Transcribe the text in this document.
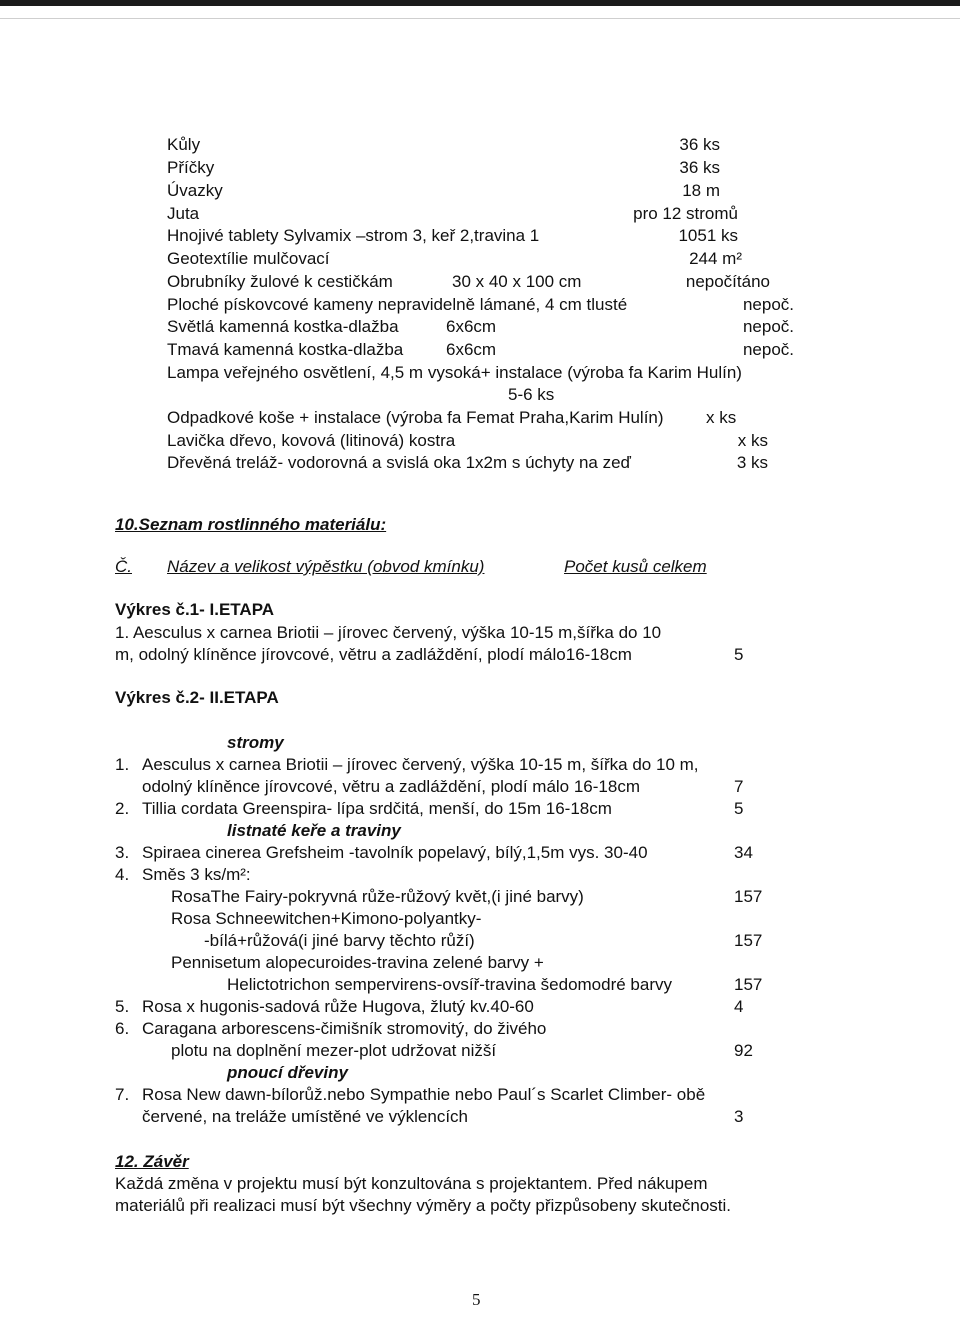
Kůly	36 ks
Příčky	36 ks
Úvazky	18 m
Juta	pro 12 stromů
Hnojivé tablety Sylvamix –strom 3, keř 2,travina 1	1051 ks
Geotextílie mulčovací	244 m²
Obrubníky žulové k cestičkám	30 x 40 x 100 cm	nepočítáno
Ploché pískovcové kameny nepravidelně lámané, 4 cm tlusté	nepoč.
Světlá kamenná kostka-dlažba	6x6cm	nepoč.
Tmavá kamenná kostka-dlažba	6x6cm	nepoč.
Lampa veřejného osvětlení, 4,5 m vysoká+ instalace (výroba fa Karim Hulín)
5-6 ks
Odpadkové koše + instalace (výroba fa Femat Praha,Karim Hulín) x ks
Lavička dřevo, kovová (litinová) kostra	x ks
Dřevěná treláž- vodorovná a svislá oka 1x2m s úchyty na zeď	3 ks
10.Seznam rostlinného materiálu:
Č.	Název a velikost výpěstku (obvod kmínku)	Počet kusů celkem
Výkres č.1- I.ETAPA
1. Aesculus x carnea Briotii – jírovec červený, výška 10-15 m,šířka do 10
m, odolný klíněnce jírovcové, větru a zadláždění, plodí málo16-18cm	5
Výkres č.2- II.ETAPA
stromy
1. Aesculus x carnea Briotii – jírovec červený, výška 10-15 m, šířka do 10 m,
odolný klíněnce jírovcové, větru a zadláždění, plodí málo 16-18cm	7
2. Tillia cordata Greenspira- lípa srdčitá, menší, do 15m 16-18cm	5
listnaté keře a traviny
3. Spiraea cinerea Grefsheim -tavolník popelavý, bílý,1,5m vys. 30-40	34
4. Směs 3 ks/m²:
RosaThe Fairy-pokryvná růže-růžový květ,(i jiné barvy)	157
Rosa Schneewitchen+Kimono-polyantky-
-bílá+růžová(i jiné barvy těchto růží)	157
Pennisetum alopecuroides-travina zelené barvy +
Helictotrichon sempervirens-ovsíř-travina šedomodré barvy	157
5. Rosa x hugonis-sadová růže Hugova, žlutý kv.40-60	4
6. Caragana arborescens-čimišník stromovitý, do živého
plotu na doplnění mezer-plot udržovat nižší	92
pnoucí dřeviny
7. Rosa New dawn-bílorůž.nebo Sympathie nebo Paul´s Scarlet Climber- obě
červené, na treláže umístěné ve výklencích	3
12. Závěr
Každá změna v projektu musí být konzultována s projektantem. Před nákupem
materiálů při realizaci musí být všechny výměry a počty přizpůsobeny skutečnosti.
5
